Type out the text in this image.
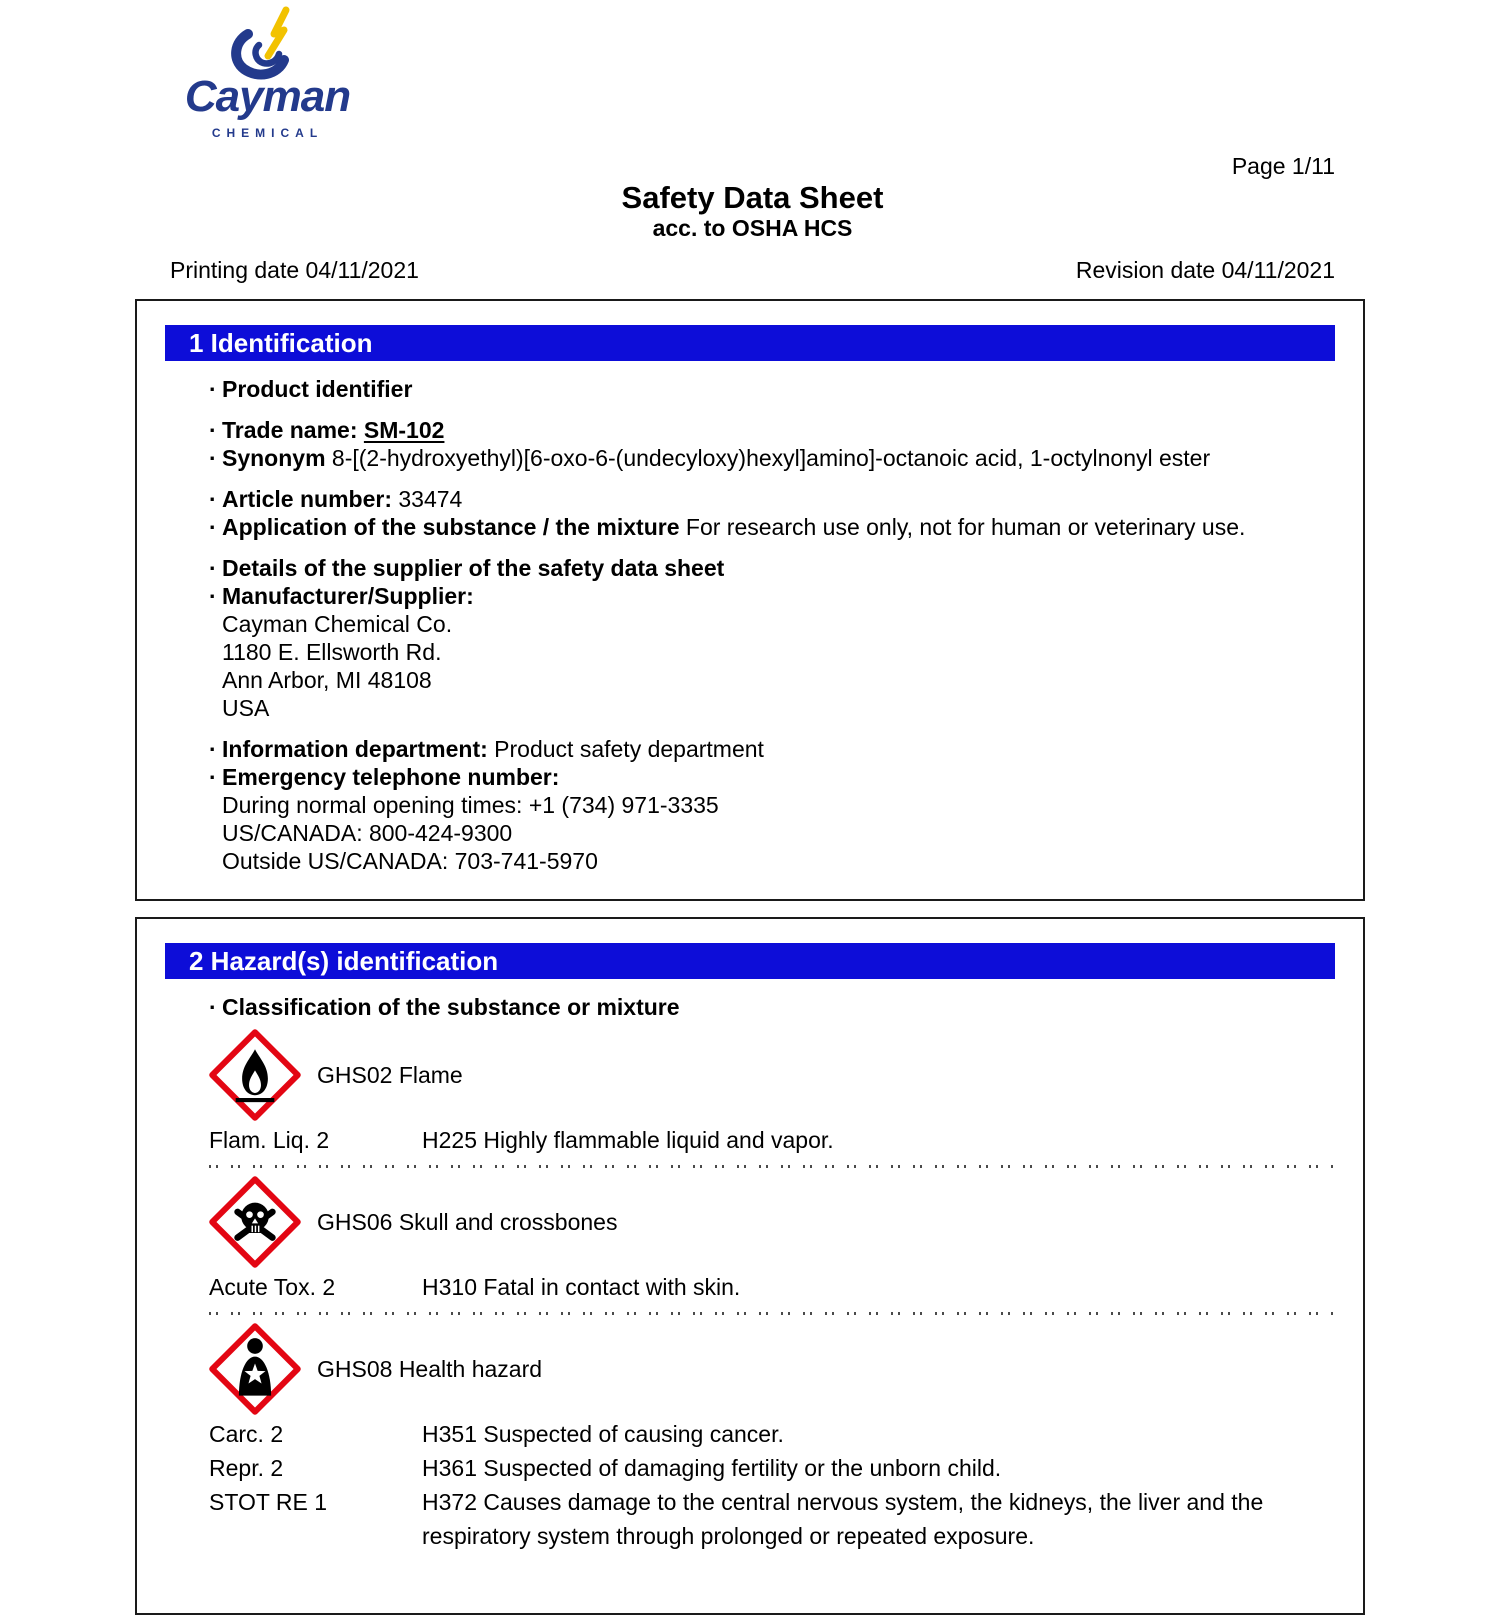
Cayman
CHEMICAL
Page 1/11
Safety Data Sheet
acc. to OSHA HCS
Printing date 04/11/2021	Revision date 04/11/2021
1 Identification
· Product identifier
· Trade name: SM-102
· Synonym 8-[(2-hydroxyethyl)[6-oxo-6-(undecyloxy)hexyl]amino]-octanoic acid, 1-octylnonyl ester
· Article number: 33474
· Application of the substance / the mixture For research use only, not for human or veterinary use.
· Details of the supplier of the safety data sheet
· Manufacturer/Supplier:
Cayman Chemical Co.
1180 E. Ellsworth Rd.
Ann Arbor, MI 48108
USA
· Information department: Product safety department
· Emergency telephone number:
During normal opening times: +1 (734) 971-3335
US/CANADA: 800-424-9300
Outside US/CANADA: 703-741-5970
2 Hazard(s) identification
· Classification of the substance or mixture
GHS02 Flame
Flam. Liq. 2	H225 Highly flammable liquid and vapor.
GHS06 Skull and crossbones
Acute Tox. 2	H310 Fatal in contact with skin.
GHS08 Health hazard
Carc. 2	H351 Suspected of causing cancer.
Repr. 2	H361 Suspected of damaging fertility or the unborn child.
STOT RE 1	H372 Causes damage to the central nervous system, the kidneys, the liver and the respiratory system through prolonged or repeated exposure.
